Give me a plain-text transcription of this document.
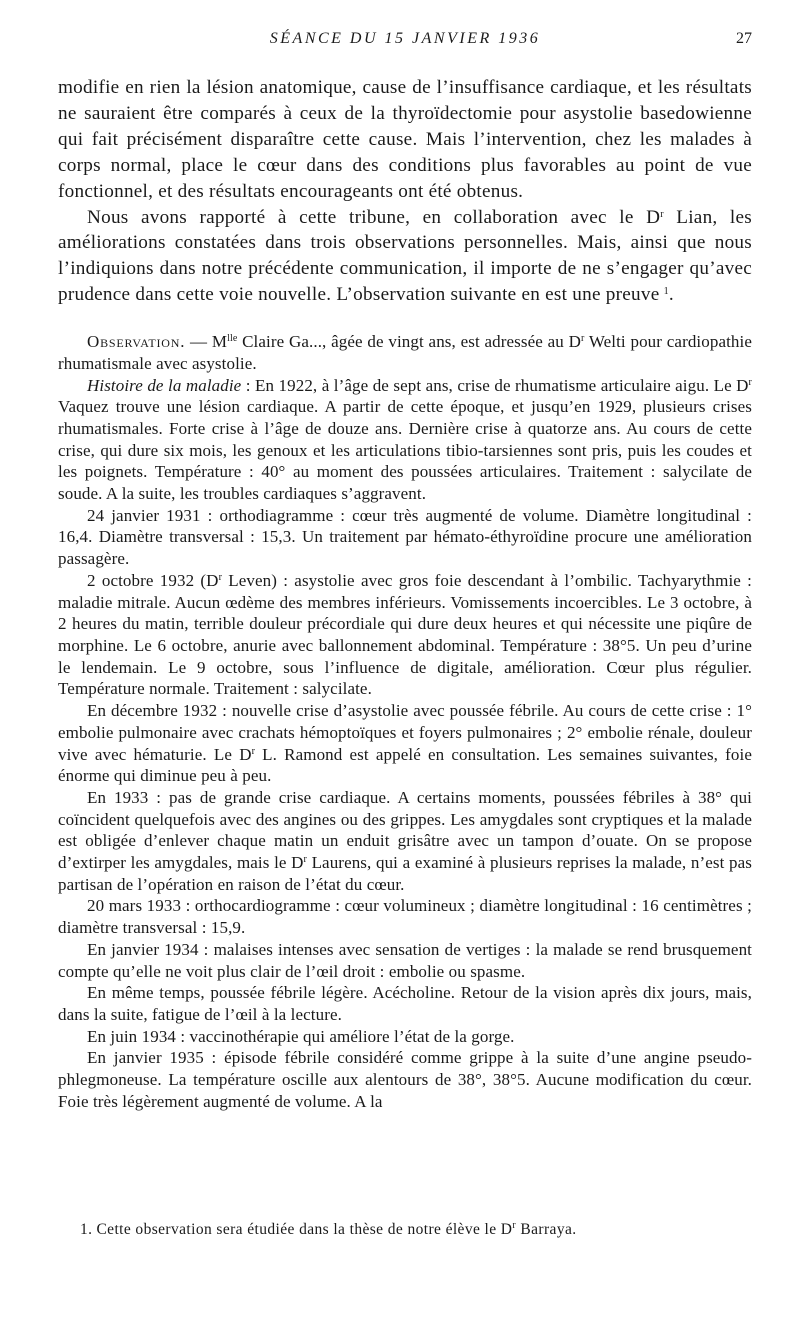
SÉANCE DU 15 JANVIER 1936	27

modifie en rien la lésion anatomique, cause de l’insuffisance cardiaque, et les résultats ne sauraient être comparés à ceux de la thyroïdectomie pour asystolie basedowienne qui fait précisément disparaître cette cause. Mais l’intervention, chez les malades à corps normal, place le cœur dans des conditions plus favorables au point de vue fonctionnel, et des résultats encourageants ont été obtenus.

Nous avons rapporté à cette tribune, en collaboration avec le $D^r$ Lian, les améliorations constatées dans trois observations personnelles. Mais, ainsi que nous l’indiquions dans notre précédente communication, il importe de ne s’engager qu’avec prudence dans cette voie nouvelle. L’observation suivante en est une preuve  $^1$.

Observation. — $M^{lle}$ Claire Ga..., âgée de vingt ans, est adressée au $D^r$ Welti pour cardiopathie rhumatismale avec asystolie.

Histoire de la maladie : En 1922, à l’âge de sept ans, crise de rhumatisme articulaire aigu. Le $D^r$ Vaquez trouve une lésion cardiaque. A partir de cette époque, et jusqu’en 1929, plusieurs crises rhumatismales. Forte crise à l’âge de douze ans. Dernière crise à quatorze ans. Au cours de cette crise, qui dure six mois, les genoux et les articulations tibio-tarsiennes sont pris, puis les coudes et les poignets. Température : 40° au moment des poussées articulaires. Traitement : salycilate de soude. A la suite, les troubles cardiaques s’aggravent.

24 janvier 1931 : orthodiagramme : cœur très augmenté de volume. Diamètre longitudinal : 16,4. Diamètre transversal : 15,3. Un traitement par hémato-éthyroïdine procure une amélioration passagère.

2 octobre 1932 ($D^r$ Leven) : asystolie avec gros foie descendant à l’ombilic. Tachyarythmie : maladie mitrale. Aucun œdème des membres inférieurs. Vomissements incoercibles. Le 3 octobre, à 2 heures du matin, terrible douleur précordiale qui dure deux heures et qui nécessite une piqûre de morphine. Le 6 octobre, anurie avec ballonnement abdominal. Température : 38°5. Un peu d’urine le lendemain. Le 9 octobre, sous l’influence de digitale, amélioration. Cœur plus régulier. Température normale. Traitement : salycilate.

En décembre 1932 : nouvelle crise d’asystolie avec poussée fébrile. Au cours de cette crise : 1° embolie pulmonaire avec crachats hémoptoïques et foyers pulmonaires ; 2° embolie rénale, douleur vive avec hématurie. Le $D^r$ L. Ramond est appelé en consultation. Les semaines suivantes, foie énorme qui diminue peu à peu.

En 1933 : pas de grande crise cardiaque. A certains moments, poussées fébriles à 38° qui coïncident quelquefois avec des angines ou des grippes. Les amygdales sont cryptiques et la malade est obligée d’enlever chaque matin un enduit grisâtre avec un tampon d’ouate. On se propose d’extirper les amygdales, mais le $D^r$ Laurens, qui a examiné à plusieurs reprises la malade, n’est pas partisan de l’opération en raison de l’état du cœur.

20 mars 1933 : orthocardiogramme : cœur volumineux ; diamètre longitudinal : 16 centimètres ; diamètre transversal : 15,9.

En janvier 1934 : malaises intenses avec sensation de vertiges : la malade se rend brusquement compte qu’elle ne voit plus clair de l’œil droit : embolie ou spasme.

En même temps, poussée fébrile légère. Acécholine. Retour de la vision après dix jours, mais, dans la suite, fatigue de l’œil à la lecture.

En juin 1934 : vaccinothérapie qui améliore l’état de la gorge.

En janvier 1935 : épisode fébrile considéré comme grippe à la suite d’une angine pseudo-phlegmoneuse. La température oscille aux alentours de 38°, 38°5. Aucune modification du cœur. Foie très légèrement augmenté de volume. A la

1. Cette observation sera étudiée dans la thèse de notre élève le $D^r$ Barraya.
